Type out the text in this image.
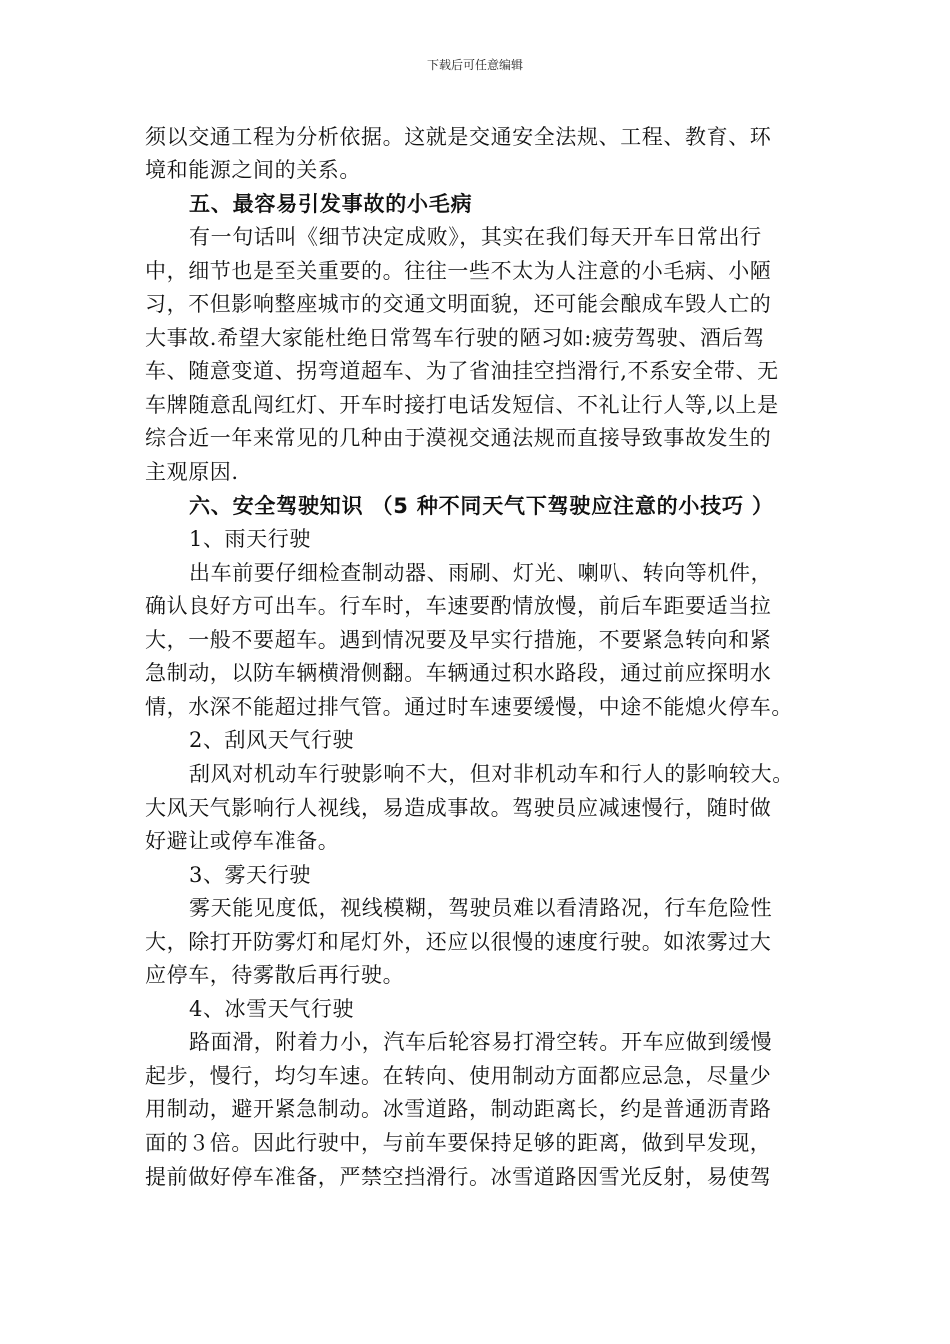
下载后可任意编辑
须以交通工程为分析依据。这就是交通安全法规、工程、教育、环
境和能源之间的关系。
五、最容易引发事故的小毛病
有一句话叫《细节决定成败》，其实在我们每天开车日常出行
中，细节也是至关重要的。往往一些不太为人注意的小毛病、小陋
习，不但影响整座城市的交通文明面貌，还可能会酿成车毁人亡的
大事故.希望大家能杜绝日常驾车行驶的陋习如:疲劳驾驶、酒后驾
车、随意变道、拐弯道超车、为了省油挂空挡滑行,不系安全带、无
车牌随意乱闯红灯、开车时接打电话发短信、不礼让行人等,以上是
综合近一年来常见的几种由于漠视交通法规而直接导致事故发生的
主观原因.
六、安全驾驶知识 （5 种不同天气下驾驶应注意的小技巧 ）
1、雨天行驶
出车前要仔细检查制动器、雨刷、灯光、喇叭、转向等机件，
确认良好方可出车。行车时，车速要酌情放慢，前后车距要适当拉
大，一般不要超车。遇到情况要及早实行措施，不要紧急转向和紧
急制动，以防车辆横滑侧翻。车辆通过积水路段，通过前应探明水
情，水深不能超过排气管。通过时车速要缓慢，中途不能熄火停车。
2、刮风天气行驶
刮风对机动车行驶影响不大，但对非机动车和行人的影响较大。
大风天气影响行人视线，易造成事故。驾驶员应减速慢行，随时做
好避让或停车准备。
3、雾天行驶
雾天能见度低，视线模糊，驾驶员难以看清路况，行车危险性
大，除打开防雾灯和尾灯外，还应以很慢的速度行驶。如浓雾过大
应停车，待雾散后再行驶。
4、冰雪天气行驶
路面滑，附着力小，汽车后轮容易打滑空转。开车应做到缓慢
起步，慢行，均匀车速。在转向、使用制动方面都应忌急，尽量少
用制动，避开紧急制动。冰雪道路，制动距离长，约是普通沥青路
面的３倍。因此行驶中，与前车要保持足够的距离，做到早发现，
提前做好停车准备，严禁空挡滑行。冰雪道路因雪光反射，易使驾
